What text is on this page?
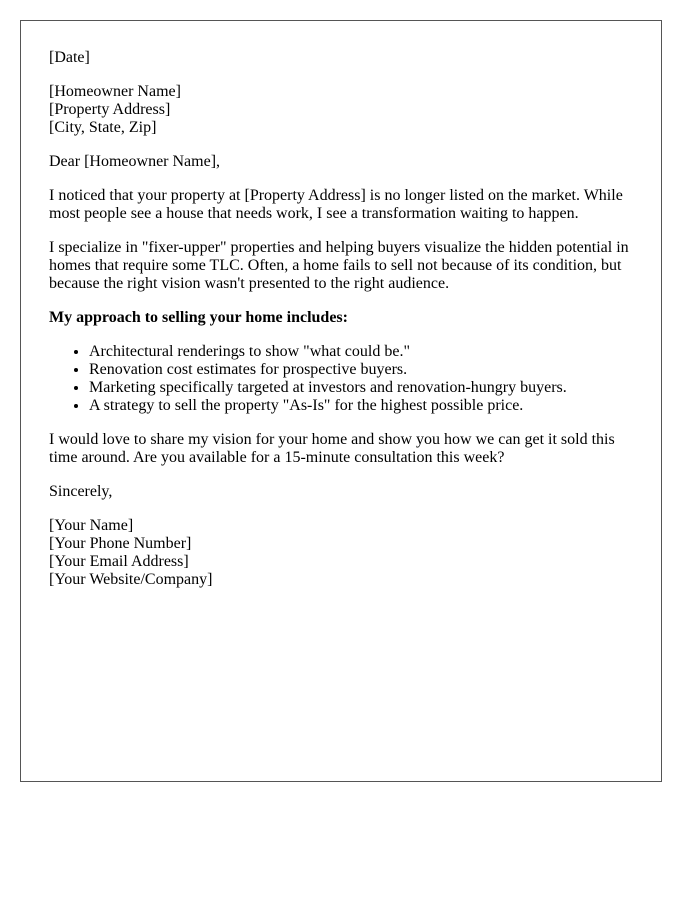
[Date]

[Homeowner Name]
[Property Address]
[City, State, Zip]

Dear [Homeowner Name],

I noticed that your property at [Property Address] is no longer listed on the market. While most people see a house that needs work, I see a transformation waiting to happen.

I specialize in "fixer-upper" properties and helping buyers visualize the hidden potential in homes that require some TLC. Often, a home fails to sell not because of its condition, but because the right vision wasn't presented to the right audience.

My approach to selling your home includes:

• Architectural renderings to show "what could be."
• Renovation cost estimates for prospective buyers.
• Marketing specifically targeted at investors and renovation-hungry buyers.
• A strategy to sell the property "As-Is" for the highest possible price.

I would love to share my vision for your home and show you how we can get it sold this time around. Are you available for a 15-minute consultation this week?

Sincerely,

[Your Name]
[Your Phone Number]
[Your Email Address]
[Your Website/Company]
